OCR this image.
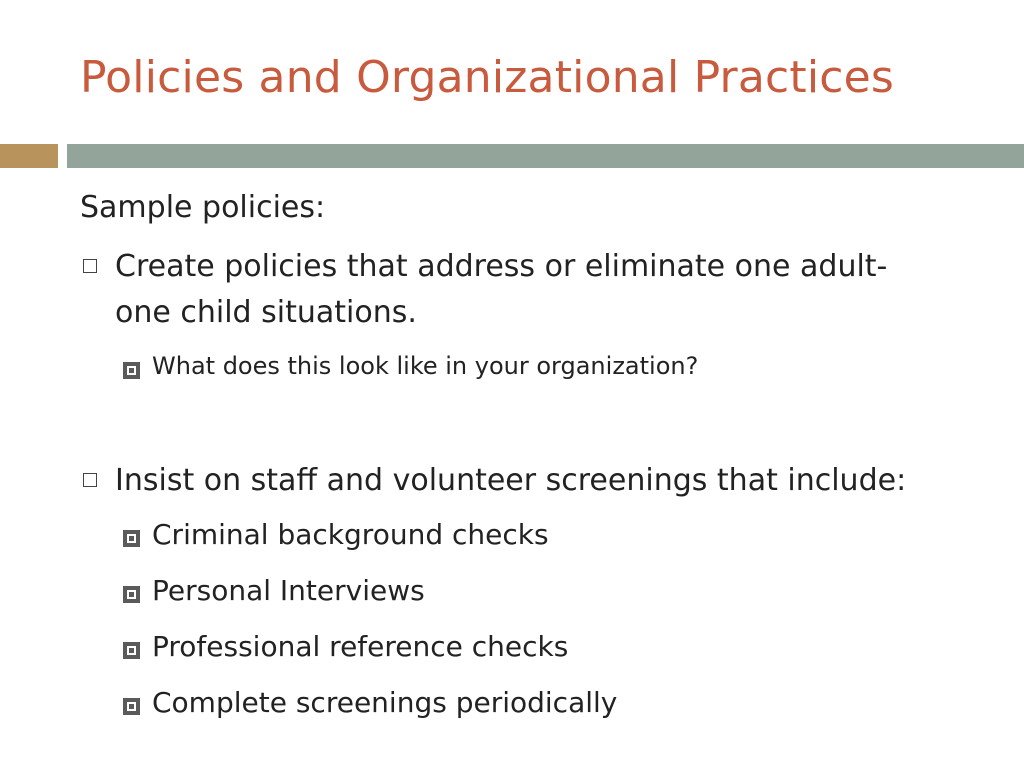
Policies and Organizational Practices
Sample policies:
Create policies that address or eliminate one adult-
one child situations.
What does this look like in your organization?
Insist on staff and volunteer screenings that include:
Criminal background checks
Personal Interviews
Professional reference checks
Complete screenings periodically
